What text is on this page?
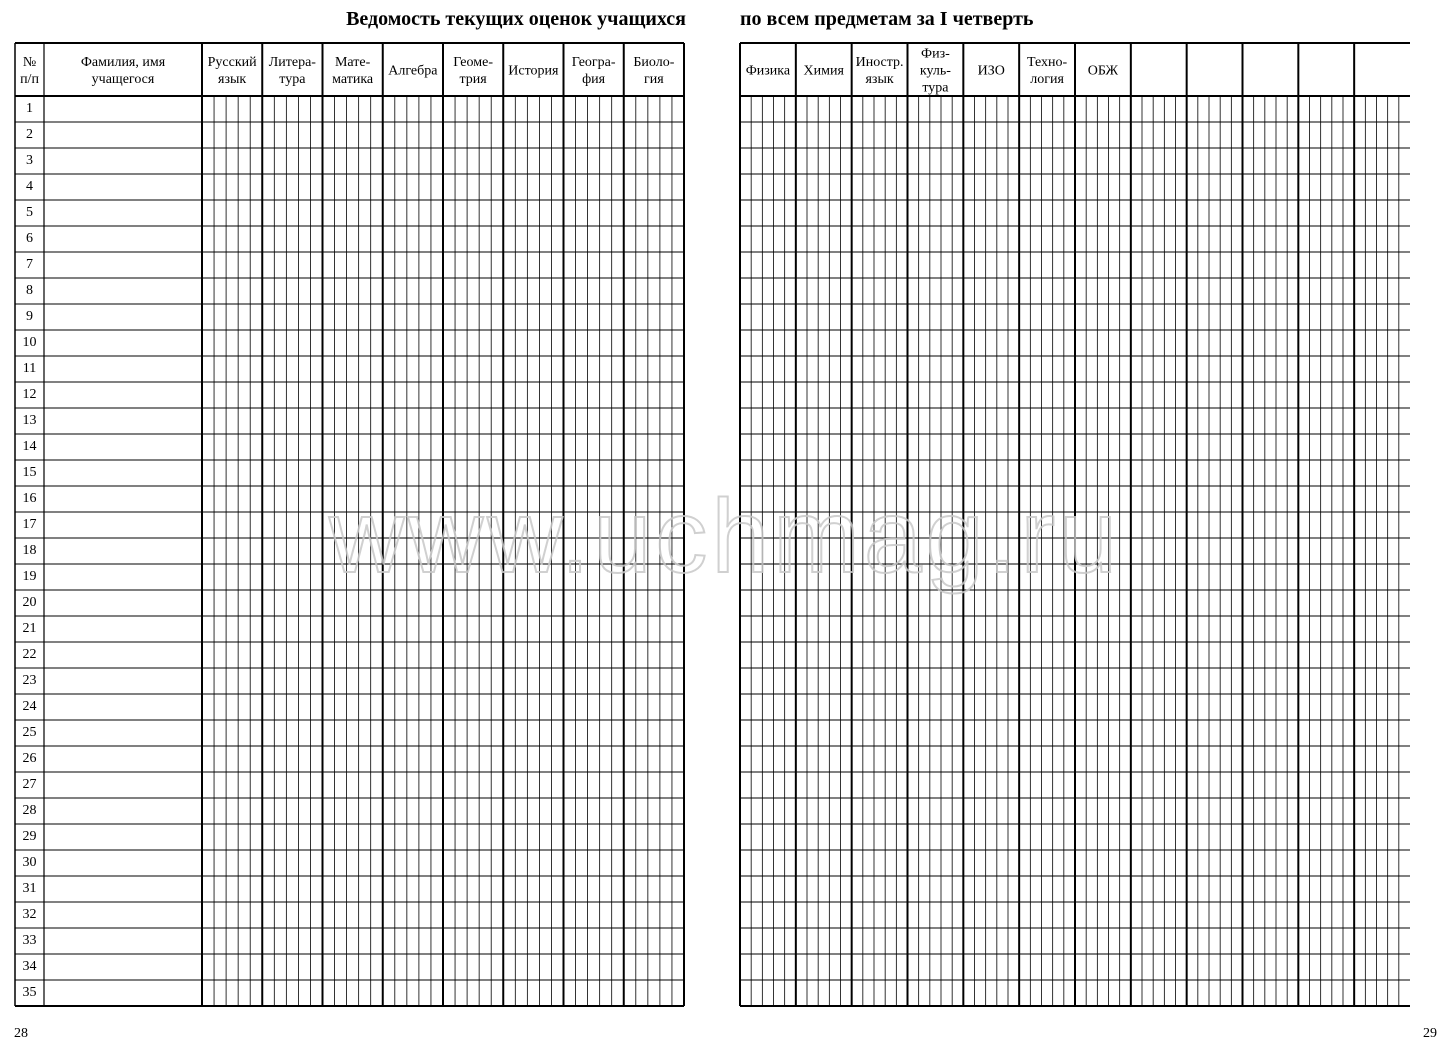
№
п/п
Фамилия, имя
учащегося
Русский
язык
Литера-
тура
Мате-
матика
Алгебра
Геоме-
трия
История
Геогра-
фия
Биоло-
гия
1
2
3
4
5
6
7
8
9
10
11
12
13
14
15
16
17
18
19
20
21
22
23
24
25
26
27
28
29
30
31
32
33
34
35
Ведомость текущих оценок учащихся
28
Физика Химия
Иностр.
язык
Физ-
куль-
тура
ИЗО
Техно-
логия
ОБЖ
по всем предметам за I четверть
29
www.uchmag.ru
